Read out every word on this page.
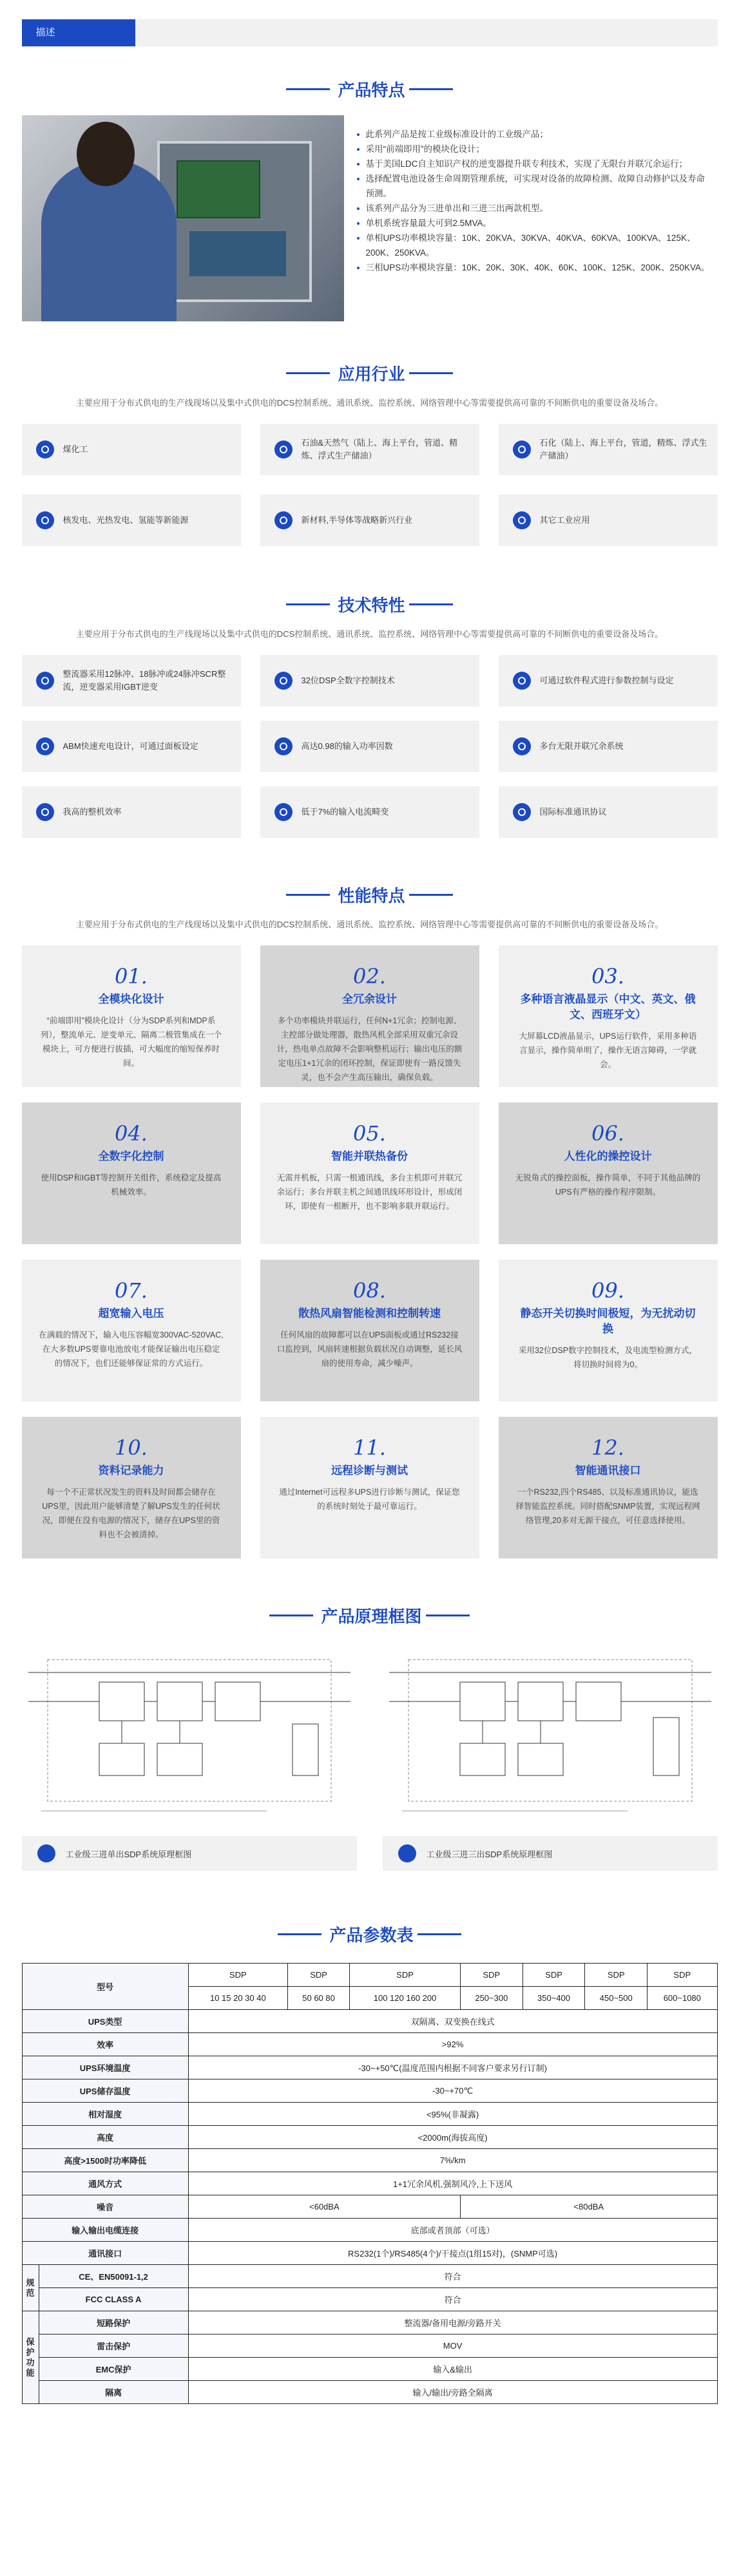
描述
产品特点
此系列产品是按工业级标准设计的工业级产品；
采用“前端即用”的模块化设计；
基于美国LDC自主知识产权的逆变器提升联专利技术，实现了无限台并联冗余运行；
选择配置电池设备生命周期管理系统，可实现对设备的故障检测、故障自动修护以及寿命预测。
该系列产品分为三进单出和三进三出两款机型。
单机系统容量最大可到2.5MVA。
单相UPS功率模块容量：10K、20KVA、30KVA、40KVA、60KVA、100KVA、125K、200K、250KVA。
三相UPS功率模块容量：10K、20K、30K、40K、60K、100K、125K、200K、250KVA。
应用行业
主要应用于分布式供电的生产线现场以及集中式供电的DCS控制系统、通讯系统、监控系统、网络管理中心等需要提供高可靠的不间断供电的重要设备及场合。
煤化工
石油&天然气（陆上、海上平台，管道、精炼、浮式生产储油）
石化（陆上、海上平台，管道，精炼、浮式生产储油）
核发电、光热发电、氢能等新能源	新材料,半导体等战略新兴行业	其它工业应用
技术特性
主要应用于分布式供电的生产线现场以及集中式供电的DCS控制系统、通讯系统、监控系统、网络管理中心等需要提供高可靠的不间断供电的重要设备及场合。
整流器采用12脉冲、18脉冲或24脉冲SCR整流，逆变器采用IGBT逆变
32位DSP全数字控制技术	可通过软件程式进行参数控制与设定
ABM快速充电设计，可通过面板设定	高达0.98的输入功率因数	多台无限并联冗余系统
我高的整机效率	低于7%的输入电流畸变	国际标准通讯协议
性能特点
主要应用于分布式供电的生产线现场以及集中式供电的DCS控制系统、通讯系统、监控系统、网络管理中心等需要提供高可靠的不间断供电的重要设备及场合。
01.
全模块化设计
“前端即用”模块化设计（分为SDP系列和MDP系列），整流单元、逆变单元、隔离二极管集成在一个模块上，可方便进行拔插，可大幅度的缩短保养时间。
02.
全冗余设计
多个功率模块并联运行，任何N+1冗余；控制电源、主控部分做处理器，散热风机全部采用双重冗余设计，热电单点故障不会影响整机运行；输出电压的额定电压1+1冗余的闭环控制，保证即使有一路反馈失灵，也不会产生高压输出，确保负载。
03.
多种语言液晶显示（中文、英文、俄文、西班牙文）
大屏幕LCD液晶显示，UPS运行软件，采用多种语言显示，操作简单明了，操作无语言障碍，一学就会。
04.
全数字化控制
使用DSP和IGBT等控制开关组件，系统稳定及提高机械效率。
05.
智能并联热备份
无需并机板，只需一根通讯线，多台主机即可并联冗余运行；多台并联主机之间通讯线环形设计，形成闭环，即使有一根断开，也不影响多联并联运行。
06.
人性化的操控设计
无锐角式的操控面板，操作简单，不同于其他品牌的UPS有严格的操作程序限制。
07.
超宽输入电压
在满载的情况下，输入电压容幅宽300VAC-520VAC,在大多数UPS要靠电池放电才能保证输出电压稳定的情况下，也们还能够保证常的方式运行。
08.
散热风扇智能检测和控制转速
任何风扇的故障都可以在UPS面板或通过RS232接口监控到，风扇转速根据负载状况自动调整，延长风扇的使用寿命，减少噪声。
09.
静态开关切换时间极短，为无扰动切换
采用32位DSP数字控制技术，及电流型检测方式，将切换时间将为0。
10.
资料记录能力
每一个不正常状况发生的资料及时间都会储存在UPS里，因此用户能够清楚了解UPS发生的任何状况，即便在没有电源的情况下，储存在UPS里的资料也不会被清掉。
11.
远程诊断与测试
通过Internet可远程多UPS进行诊断与测试，保证您的系统时刻处于最可靠运行。
12.
智能通讯接口
一个RS232,四个RS485、以及标准通讯协议，能选择智能监控系统。同时搭配SNMP装置，实现远程网络管理,20多对无源干接点，可任意选择使用。
产品原理框图
工业级三进单出SDP系统原理框图	工业级三进三出SDP系统原理框图
产品参数表
型号		SDP	SDP	SDP	SDP	SDP	SDP	SDP
		10 15 20 30 40	50 60 80	100 120 160 200	250~300	350~400	450~500	600~1080
UPS类型		双隔离、双变换在线式						
效率		>92%						
UPS环境温度		-30~+50℃(温度范围内根据不同客户要求另行订制)						
UPS储存温度		-30~+70℃						
相对湿度		<95%(非凝露)						
高度		<2000m(海拔高度)						
高度>1500时功率降低		7%/km						
通风方式		1+1冗余风机,强制风冷,上下送风						
噪音		<60dBA			<80dBA			
输入输出电缆连接		底部或者顶部（可选）						
通讯接口		RS232(1个)/RS485(4个)/干接点(1组15对)，(SNMP可选)						
规范	CE、EN50091-1,2	符合						
	FCC CLASS A	符合						
保护功能	短路保护	整流器/备用电源/旁路开关						
	雷击保护	MOV						
	EMC保护	输入&输出						
	隔离	输入/输出/旁路全隔离						
